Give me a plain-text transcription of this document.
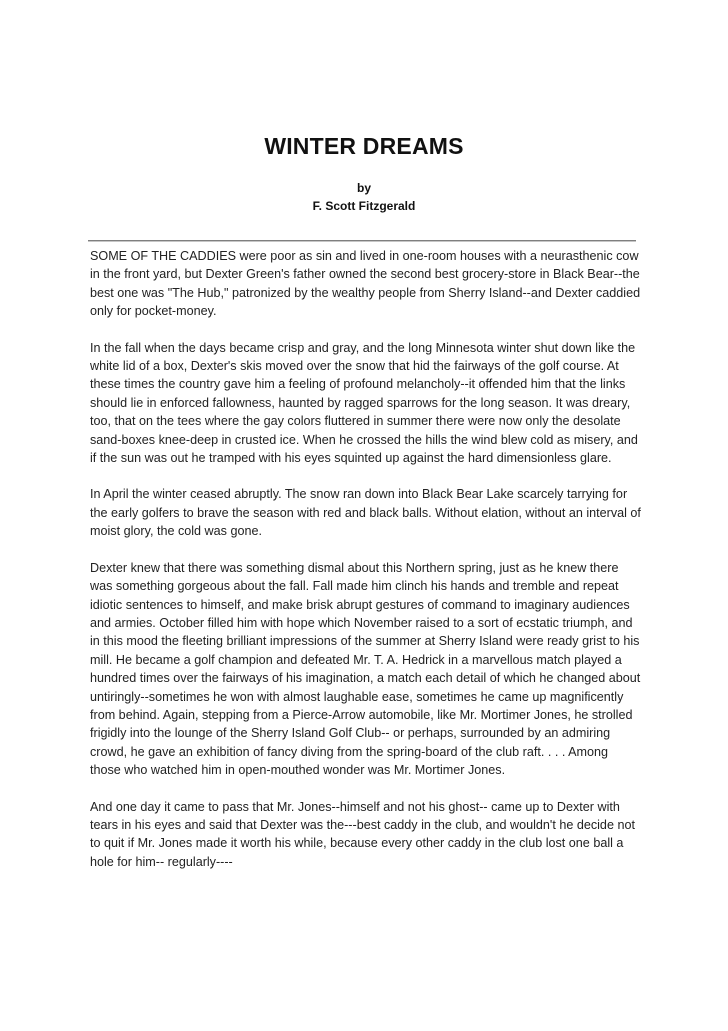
WINTER DREAMS
by
F. Scott Fitzgerald

SOME OF THE CADDIES were poor as sin and lived in one-room houses with a neurasthenic cow in the front yard, but Dexter Green's father owned the second best grocery-store in Black Bear--the best one was "The Hub," patronized by the wealthy people from Sherry Island--and Dexter caddied only for pocket-money.

In the fall when the days became crisp and gray, and the long Minnesota winter shut down like the white lid of a box, Dexter's skis moved over the snow that hid the fairways of the golf course. At these times the country gave him a feeling of profound melancholy--it offended him that the links should lie in enforced fallowness, haunted by ragged sparrows for the long season. It was dreary, too, that on the tees where the gay colors fluttered in summer there were now only the desolate sand-boxes knee-deep in crusted ice. When he crossed the hills the wind blew cold as misery, and if the sun was out he tramped with his eyes squinted up against the hard dimensionless glare.

In April the winter ceased abruptly. The snow ran down into Black Bear Lake scarcely tarrying for the early golfers to brave the season with red and black balls. Without elation, without an interval of moist glory, the cold was gone.

Dexter knew that there was something dismal about this Northern spring, just as he knew there was something gorgeous about the fall. Fall made him clinch his hands and tremble and repeat idiotic sentences to himself, and make brisk abrupt gestures of command to imaginary audiences and armies. October filled him with hope which November raised to a sort of ecstatic triumph, and in this mood the fleeting brilliant impressions of the summer at Sherry Island were ready grist to his mill. He became a golf champion and defeated Mr. T. A. Hedrick in a marvellous match played a hundred times over the fairways of his imagination, a match each detail of which he changed about untiringly--sometimes he won with almost laughable ease, sometimes he came up magnificently from behind. Again, stepping from a Pierce-Arrow automobile, like Mr. Mortimer Jones, he strolled frigidly into the lounge of the Sherry Island Golf Club-- or perhaps, surrounded by an admiring crowd, he gave an exhibition of fancy diving from the spring-board of the club raft. . . . Among those who watched him in open-mouthed wonder was Mr. Mortimer Jones.

And one day it came to pass that Mr. Jones--himself and not his ghost-- came up to Dexter with tears in his eyes and said that Dexter was the---best caddy in the club, and wouldn't he decide not to quit if Mr. Jones made it worth his while, because every other caddy in the club lost one ball a hole for him-- regularly----
